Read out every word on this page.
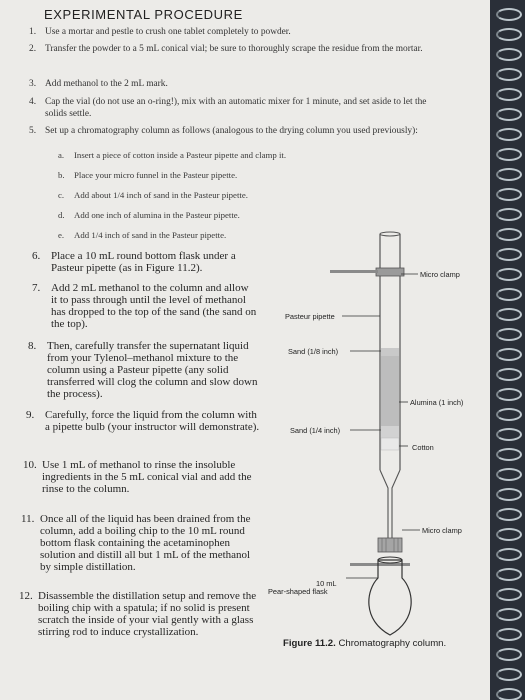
EXPERIMENTAL PROCEDURE
1. Use a mortar and pestle to crush one tablet completely to powder.
2. Transfer the powder to a 5 mL conical vial; be sure to thoroughly scrape the residue from the mortar.
3. Add methanol to the 2 mL mark.
4. Cap the vial (do not use an o-ring!), mix with an automatic mixer for 1 minute, and set aside to let the solids settle.
5. Set up a chromatography column as follows (analogous to the drying column you used previously):
a. Insert a piece of cotton inside a Pasteur pipette and clamp it.
b. Place your micro funnel in the Pasteur pipette.
c. Add about 1/4 inch of sand in the Pasteur pipette.
d. Add one inch of alumina in the Pasteur pipette.
e. Add 1/4 inch of sand in the Pasteur pipette.
6. Place a 10 mL round bottom flask under a Pasteur pipette (as in Figure 11.2).
7. Add 2 mL methanol to the column and allow it to pass through until the level of methanol has dropped to the top of the sand (the sand on the top).
8. Then, carefully transfer the supernatant liquid from your Tylenol–methanol mixture to the column using a Pasteur pipette (any solid transferred will clog the column and slow down the process).
9. Carefully, force the liquid from the column with a pipette bulb (your instructor will demonstrate).
10. Use 1 mL of methanol to rinse the insoluble ingredients in the 5 mL conical vial and add the rinse to the column.
11. Once all of the liquid has been drained from the column, add a boiling chip to the 10 mL round bottom flask containing the acetaminophen solution and distill all but 1 mL of the methanol by simple distillation.
12. Disassemble the distillation setup and remove the boiling chip with a spatula; if no solid is present scratch the inside of your vial gently with a glass stirring rod to induce crystallization.
Micro clamp
Pasteur pipette
Sand (1/8 inch)
Alumina (1 inch)
Sand (1/4 inch)
Cotton
Micro clamp
10 mL
Pear-shaped flask
Figure 11.2. Chromatography column.
